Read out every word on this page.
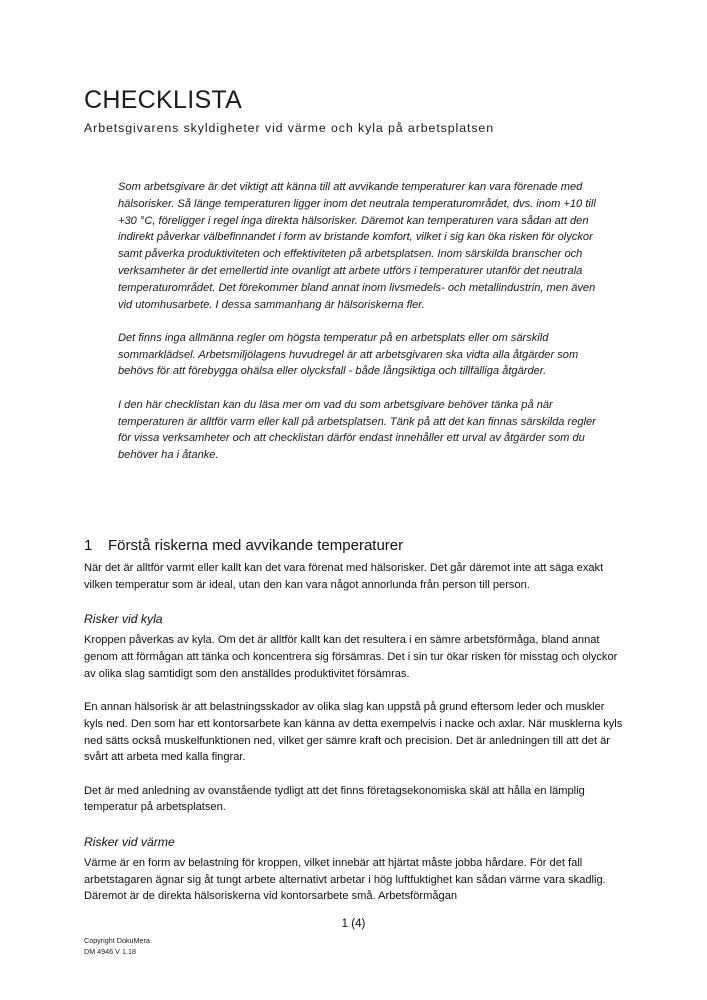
CHECKLISTA
Arbetsgivarens skyldigheter vid värme och kyla på arbetsplatsen

Som arbetsgivare är det viktigt att känna till att avvikande temperaturer kan vara förenade med hälsorisker. Så länge temperaturen ligger inom det neutrala temperaturområdet, dvs. inom +10 till +30 °C, föreligger i regel inga direkta hälsorisker. Däremot kan temperaturen vara sådan att den indirekt påverkar välbefinnandet i form av bristande komfort, vilket i sig kan öka risken för olyckor samt påverka produktiviteten och effektiviteten på arbetsplatsen. Inom särskilda branscher och verksamheter är det emellertid inte ovanligt att arbete utförs i temperaturer utanför det neutrala temperaturområdet. Det förekommer bland annat inom livsmedels- och metallindustrin, men även vid utomhusarbete. I dessa sammanhang är hälsoriskerna fler.

Det finns inga allmänna regler om högsta temperatur på en arbetsplats eller om särskild sommarklädsel. Arbetsmiljölagens huvudregel är att arbetsgivaren ska vidta alla åtgärder som behövs för att förebygga ohälsa eller olycksfall - både långsiktiga och tillfälliga åtgärder.

I den här checklistan kan du läsa mer om vad du som arbetsgivare behöver tänka på när temperaturen är alltför varm eller kall på arbetsplatsen. Tänk på att det kan finnas särskilda regler för vissa verksamheter och att checklistan därför endast innehåller ett urval av åtgärder som du behöver ha i åtanke.

1 Förstå riskerna med avvikande temperaturer

När det är alltför varmt eller kallt kan det vara förenat med hälsorisker. Det går däremot inte att säga exakt vilken temperatur som är ideal, utan den kan vara något annorlunda från person till person.

Risker vid kyla

Kroppen påverkas av kyla. Om det är alltför kallt kan det resultera i en sämre arbetsförmåga, bland annat genom att förmågan att tänka och koncentrera sig försämras. Det i sin tur ökar risken för misstag och olyckor av olika slag samtidigt som den anställdes produktivitet försämras.

En annan hälsorisk är att belastningsskador av olika slag kan uppstå på grund eftersom leder och muskler kyls ned. Den som har ett kontorsarbete kan känna av detta exempelvis i nacke och axlar. När musklerna kyls ned sätts också muskelfunktionen ned, vilket ger sämre kraft och precision. Det är anledningen till att det är svårt att arbeta med kalla fingrar.

Det är med anledning av ovanstående tydligt att det finns företagsekonomiska skäl att hålla en lämplig temperatur på arbetsplatsen.

Risker vid värme

Värme är en form av belastning för kroppen, vilket innebär att hjärtat måste jobba hårdare. För det fall arbetstagaren ägnar sig åt tungt arbete alternativt arbetar i hög luftfuktighet kan sådan värme vara skadlig. Däremot är de direkta hälsoriskerna vid kontorsarbete små. Arbetsförmågan

1 (4)
Copyright DokuMera
DM 4946 V 1.18
